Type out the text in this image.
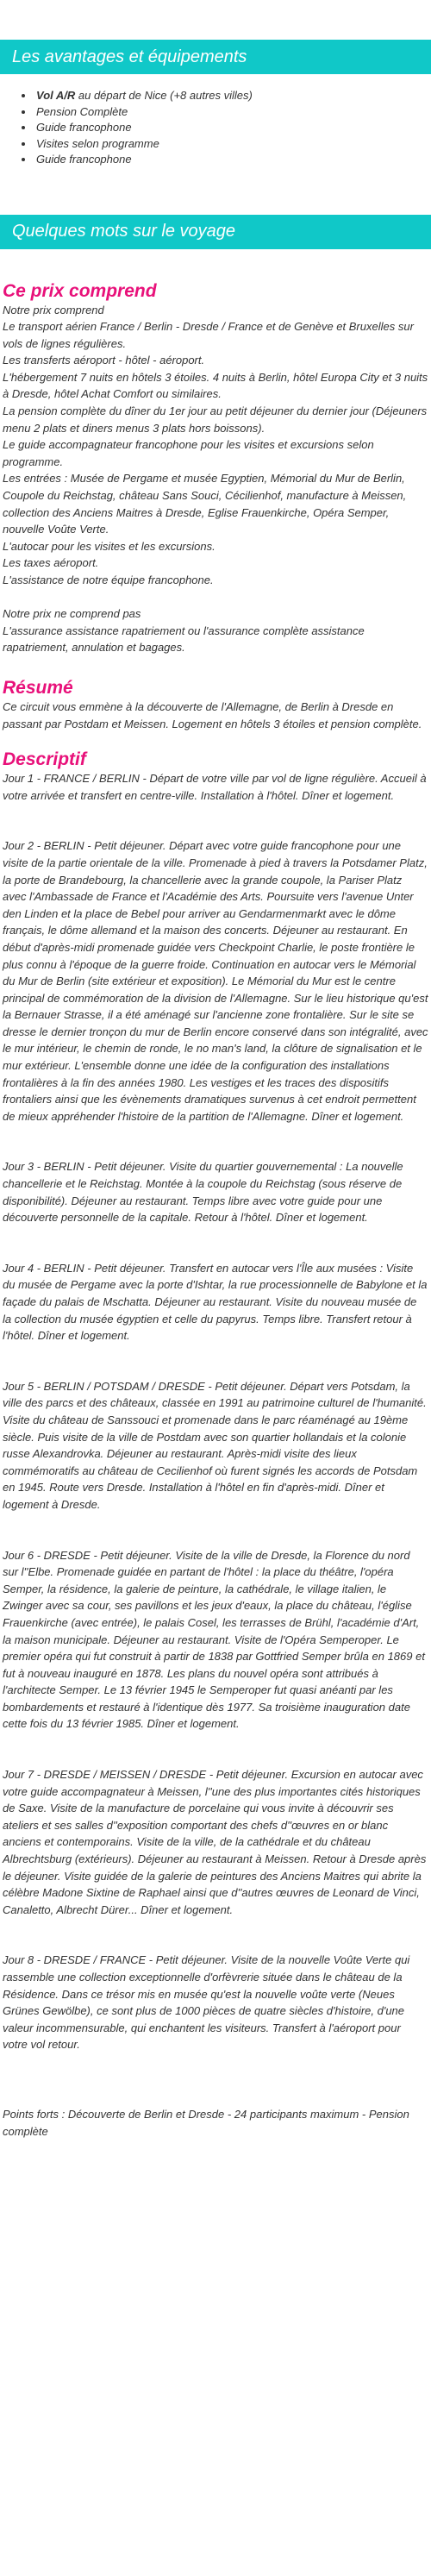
Les avantages et équipements
• Vol A/R au départ de Nice (+8 autres villes)
• Pension Complète
• Guide francophone
• Visites selon programme
• Guide francophone
Quelques mots sur le voyage
Ce prix comprend
Notre prix comprend
Le transport aérien France / Berlin - Dresde / France et de Genève et Bruxelles sur vols de lignes régulières.
Les transferts aéroport - hôtel - aéroport.
L'hébergement 7 nuits en hôtels 3 étoiles. 4 nuits à Berlin, hôtel Europa City et 3 nuits à Dresde, hôtel Achat Comfort ou similaires.
La pension complète du dîner du 1er jour au petit déjeuner du dernier jour (Déjeuners menu 2 plats et diners menus 3 plats hors boissons).
Le guide accompagnateur francophone pour les visites et excursions selon programme.
Les entrées : Musée de Pergame et musée Egyptien, Mémorial du Mur de Berlin, Coupole du Reichstag, château Sans Souci, Cécilienhof, manufacture à Meissen, collection des Anciens Maitres à Dresde, Eglise Frauenkirche, Opéra Semper, nouvelle Voûte Verte.
L'autocar pour les visites et les excursions.
Les taxes aéroport.
L'assistance de notre équipe francophone.
Notre prix ne comprend pas
L'assurance assistance rapatriement ou l'assurance complète assistance rapatriement, annulation et bagages.
Résumé
Ce circuit vous emmène à la découverte de l'Allemagne, de Berlin à Dresde en passant par Postdam et Meissen. Logement en hôtels 3 étoiles et pension complète.
Descriptif
Jour 1 - FRANCE / BERLIN - Départ de votre ville par vol de ligne régulière. Accueil à votre arrivée et transfert en centre-ville. Installation à l'hôtel. Dîner et logement.
Jour 2 - BERLIN - Petit déjeuner. Départ avec votre guide francophone pour une visite de la partie orientale de la ville. Promenade à pied à travers la Potsdamer Platz, la porte de Brandebourg, la chancellerie avec la grande coupole, la Pariser Platz avec l'Ambassade de France et l'Académie des Arts. Poursuite vers l'avenue Unter den Linden et la place de Bebel pour arriver au Gendarmenmarkt avec le dôme français, le dôme allemand et la maison des concerts. Déjeuner au restaurant. En début d'après-midi promenade guidée vers Checkpoint Charlie, le poste frontière le plus connu à l'époque de la guerre froide. Continuation en autocar vers le Mémorial du Mur de Berlin (site extérieur et exposition). Le Mémorial du Mur est le centre principal de commémoration de la division de l'Allemagne. Sur le lieu historique qu'est la Bernauer Strasse, il a été aménagé sur l'ancienne zone frontalière. Sur le site se dresse le dernier tronçon du mur de Berlin encore conservé dans son intégralité, avec le mur intérieur, le chemin de ronde, le no man's land, la clôture de signalisation et le mur extérieur. L'ensemble donne une idée de la configuration des installations frontalières à la fin des années 1980. Les vestiges et les traces des dispositifs frontaliers ainsi que les évènements dramatiques survenus à cet endroit permettent de mieux appréhender l'histoire de la partition de l'Allemagne. Dîner et logement.
Jour 3 - BERLIN - Petit déjeuner. Visite du quartier gouvernemental : La nouvelle chancellerie et le Reichstag. Montée à la coupole du Reichstag (sous réserve de disponibilité). Déjeuner au restaurant. Temps libre avec votre guide pour une découverte personnelle de la capitale. Retour à l'hôtel. Dîner et logement.
Jour 4 - BERLIN - Petit déjeuner. Transfert en autocar vers l'Île aux musées : Visite du musée de Pergame avec la porte d'Ishtar, la rue processionnelle de Babylone et la façade du palais de Mschatta. Déjeuner au restaurant. Visite du nouveau musée de la collection du musée égyptien et celle du papyrus. Temps libre. Transfert retour à l'hôtel. Dîner et logement.
Jour 5 - BERLIN / POTSDAM / DRESDE - Petit déjeuner. Départ vers Potsdam, la ville des parcs et des châteaux, classée en 1991 au patrimoine culturel de l'humanité. Visite du château de Sanssouci et promenade dans le parc réaménagé au 19ème siècle. Puis visite de la ville de Postdam avec son quartier hollandais et la colonie russe Alexandrovka. Déjeuner au restaurant. Après-midi visite des lieux commémoratifs au château de Cecilienhof où furent signés les accords de Potsdam en 1945. Route vers Dresde. Installation à l'hôtel en fin d'après-midi. Dîner et logement à Dresde.
Jour 6 - DRESDE - Petit déjeuner. Visite de la ville de Dresde, la Florence du nord sur l''Elbe. Promenade guidée en partant de l'hôtel : la place du théâtre, l'opéra Semper, la résidence, la galerie de peinture, la cathédrale, le village italien, le Zwinger avec sa cour, ses pavillons et les jeux d'eaux, la place du château, l'église Frauenkirche (avec entrée), le palais Cosel, les terrasses de Brühl, l'académie d'Art, la maison municipale. Déjeuner au restaurant. Visite de l'Opéra Semperoper. Le premier opéra qui fut construit à partir de 1838 par Gottfried Semper brûla en 1869 et fut à nouveau inauguré en 1878. Les plans du nouvel opéra sont attribués à l'architecte Semper. Le 13 février 1945 le Semperoper fut quasi anéanti par les bombardements et restauré à l'identique dès 1977. Sa troisième inauguration date cette fois du 13 février 1985. Dîner et logement.
Jour 7 - DRESDE / MEISSEN / DRESDE - Petit déjeuner. Excursion en autocar avec votre guide accompagnateur à Meissen, l''une des plus importantes cités historiques de Saxe. Visite de la manufacture de porcelaine qui vous invite à découvrir ses ateliers et ses salles d''exposition comportant des chefs d''œuvres en or blanc anciens et contemporains. Visite de la ville, de la cathédrale et du château Albrechtsburg (extérieurs). Déjeuner au restaurant à Meissen. Retour à Dresde après le déjeuner. Visite guidée de la galerie de peintures des Anciens Maitres qui abrite la célèbre Madone Sixtine de Raphael ainsi que d''autres œuvres de Leonard de Vinci, Canaletto, Albrecht Dürer... Dîner et logement.
Jour 8 - DRESDE / FRANCE - Petit déjeuner. Visite de la nouvelle Voûte Verte qui rassemble une collection exceptionnelle d'orfèvrerie située dans le château de la Résidence. Dans ce trésor mis en musée qu'est la nouvelle voûte verte (Neues Grünes Gewölbe), ce sont plus de 1000 pièces de quatre siècles d'histoire, d'une valeur incommensurable, qui enchantent les visiteurs. Transfert à l'aéroport pour votre vol retour.
Points forts : Découverte de Berlin et Dresde - 24 participants maximum - Pension complète
